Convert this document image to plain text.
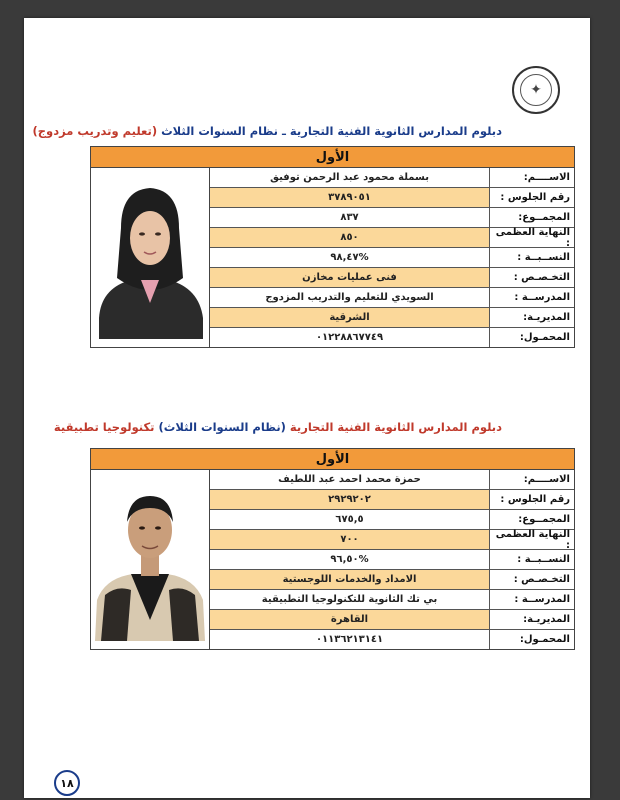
✦
دبلوم المدارس الثانوية الفنية التجارية ـ نظام السنوات الثلاث (تعليم وتدريب مزدوج)
الأول
بسملة محمود عبد الرحمن توفيق	الاســــم:
٣٧٨٩٠٥١	رقم الجلوس :
٨٣٧	المجمــوع:
٨٥٠	النهاية العظمى :
%٩٨,٤٧	النســبــة :
فنى عمليات مخازن	التخـصـص :
السويدي للتعليم والتدريب المزدوج	المدرســة :
الشرقية	المديريـة:
٠١٢٢٨٨٦٧٧٤٩	المحمـول:
دبلوم المدارس الثانوية الفنية التجارية (نظام السنوات الثلاث) تكنولوجيا تطبيقية
الأول
حمزة محمد احمد عبد اللطيف	الاســــم:
٢٩٢٩٢٠٢	رقم الجلوس :
٦٧٥,٥	المجمــوع:
٧٠٠	النهاية العظمى :
%٩٦,٥٠	النســبــة :
الامداد والخدمات اللوجستية	التخـصـص :
بي تك الثانوية للتكنولوجيا التطبيقية	المدرســة :
القاهرة	المديريـة:
٠١١٣٦٢١٣١٤١	المحمـول:
١٨
